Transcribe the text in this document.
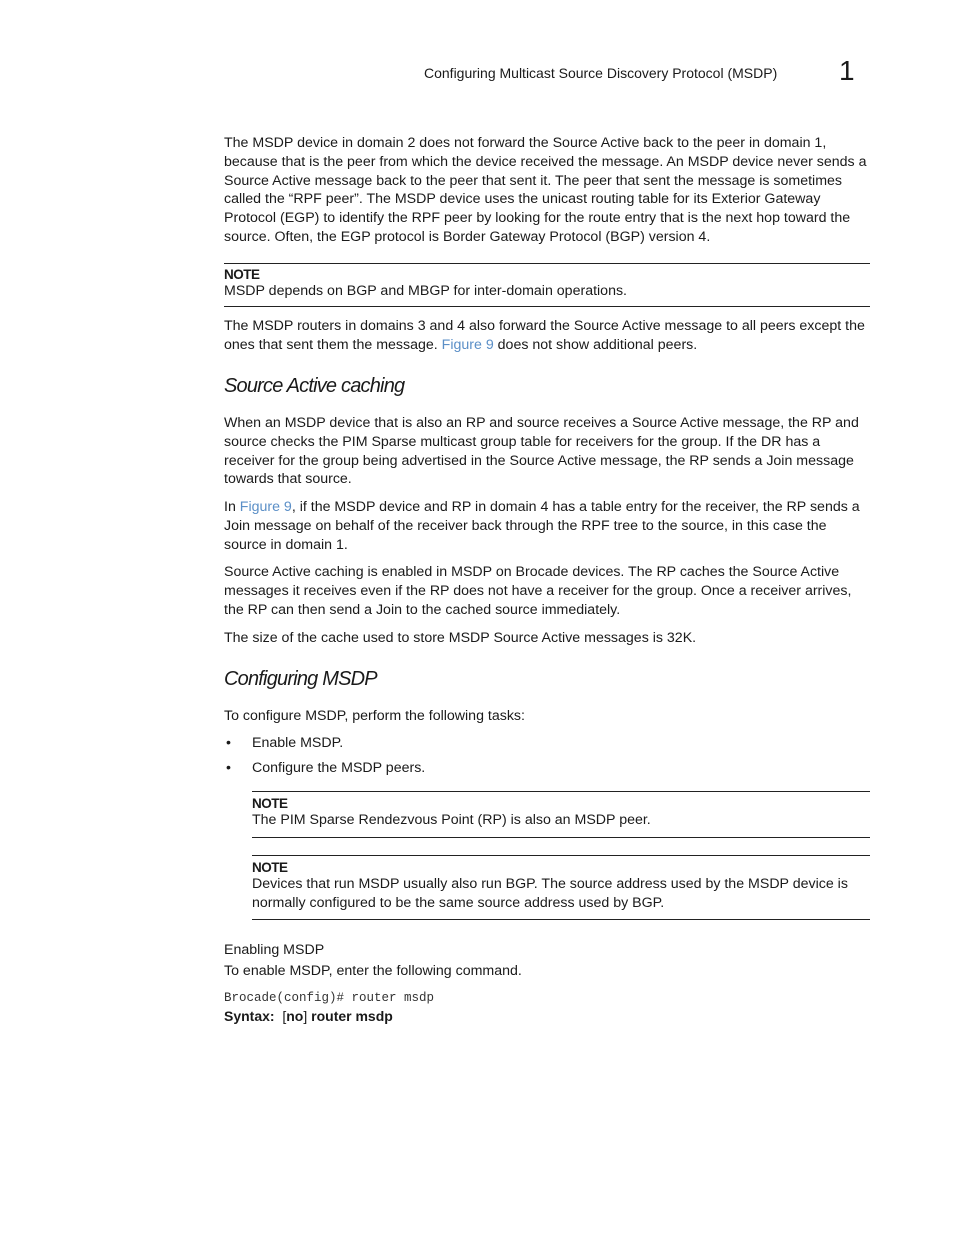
Configuring Multicast Source Discovery Protocol (MSDP) 1

The MSDP device in domain 2 does not forward the Source Active back to the peer in domain 1, because that is the peer from which the device received the message. An MSDP device never sends a Source Active message back to the peer that sent it. The peer that sent the message is sometimes called the “RPF peer”. The MSDP device uses the unicast routing table for its Exterior Gateway Protocol (EGP) to identify the RPF peer by looking for the route entry that is the next hop toward the source. Often, the EGP protocol is Border Gateway Protocol (BGP) version 4.

NOTE
MSDP depends on BGP and MBGP for inter-domain operations.

The MSDP routers in domains 3 and 4 also forward the Source Active message to all peers except the ones that sent them the message. Figure 9 does not show additional peers.

Source Active caching

When an MSDP device that is also an RP and source receives a Source Active message, the RP and source checks the PIM Sparse multicast group table for receivers for the group. If the DR has a receiver for the group being advertised in the Source Active message, the RP sends a Join message towards that source.

In Figure 9, if the MSDP device and RP in domain 4 has a table entry for the receiver, the RP sends a Join message on behalf of the receiver back through the RPF tree to the source, in this case the source in domain 1.

Source Active caching is enabled in MSDP on Brocade devices. The RP caches the Source Active messages it receives even if the RP does not have a receiver for the group. Once a receiver arrives, the RP can then send a Join to the cached source immediately.

The size of the cache used to store MSDP Source Active messages is 32K.

Configuring MSDP

To configure MSDP, perform the following tasks:

• Enable MSDP.
• Configure the MSDP peers.
NOTE
The PIM Sparse Rendezvous Point (RP) is also an MSDP peer.
NOTE
Devices that run MSDP usually also run BGP. The source address used by the MSDP device is normally configured to be the same source address used by BGP.
Enabling MSDP

To enable MSDP, enter the following command.

Brocade(config)# router msdp
Syntax: [no] router msdp
